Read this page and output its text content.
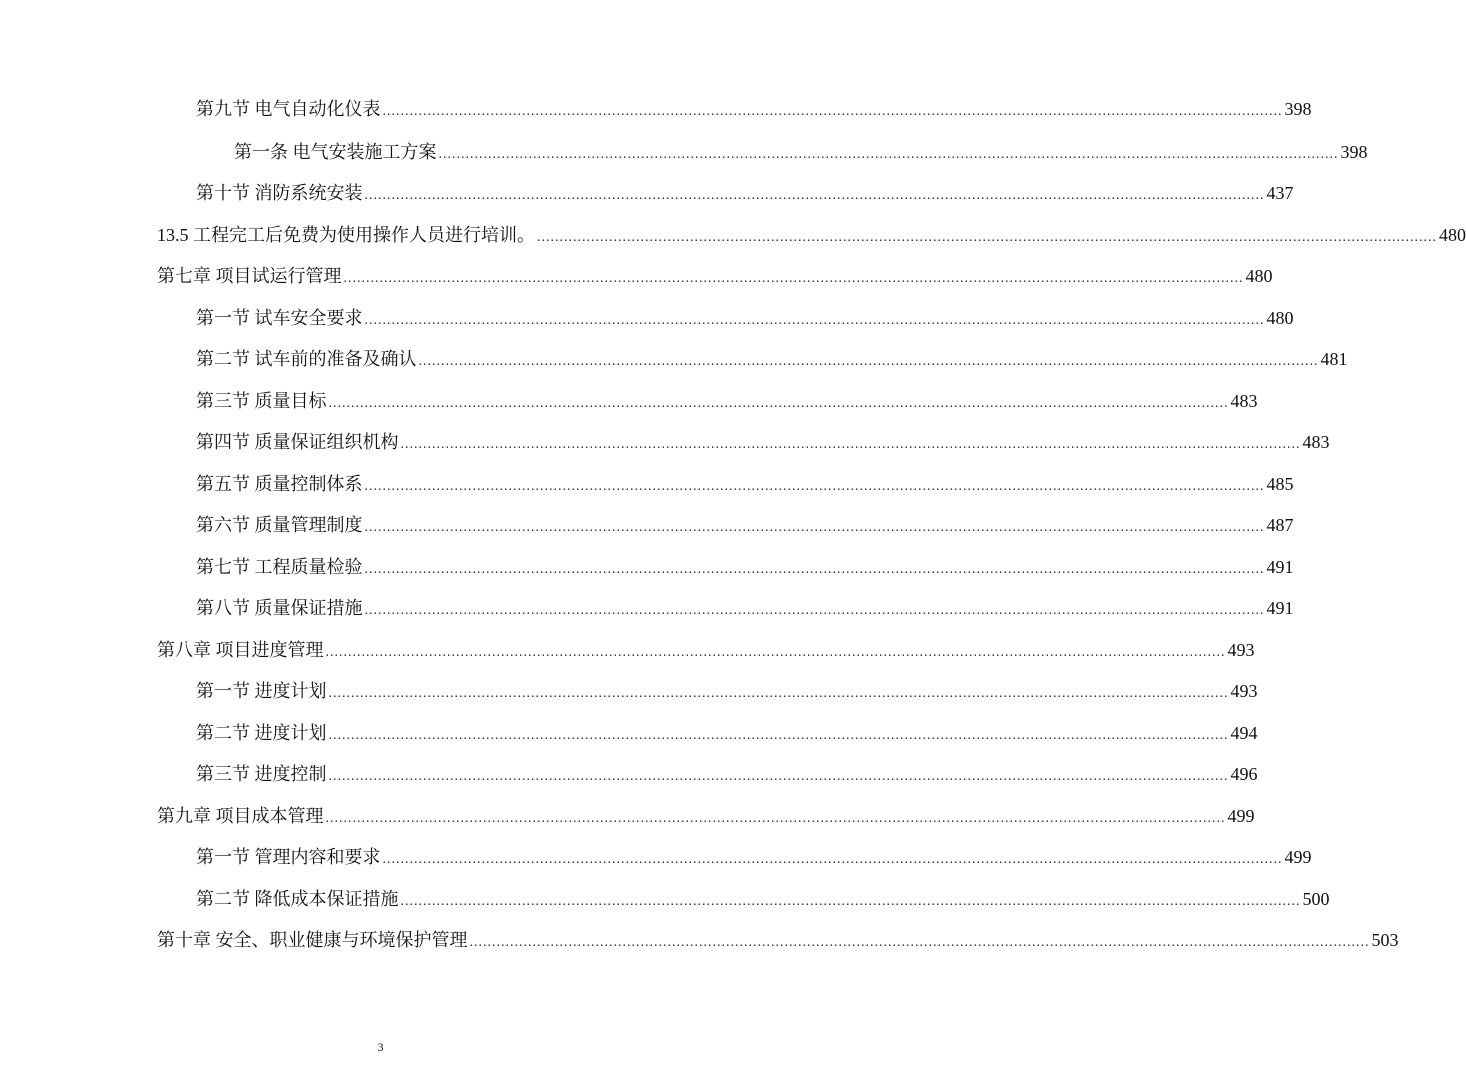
第九节 电气自动化仪表 ........................................................................................................................................................................................................ 398
第一条 电气安装施工方案 ........................................................................................................................................................................................................ 398
第十节 消防系统安装 ........................................................................................................................................................................................................ 437
13.5 工程完工后免费为使用操作人员进行培训。 ........................................................................................................................................................................................................ 480
第七章 项目试运行管理 ........................................................................................................................................................................................................ 480
第一节 试车安全要求 ........................................................................................................................................................................................................ 480
第二节 试车前的准备及确认 ........................................................................................................................................................................................................ 481
第三节 质量目标 ........................................................................................................................................................................................................ 483
第四节 质量保证组织机构 ........................................................................................................................................................................................................ 483
第五节 质量控制体系 ........................................................................................................................................................................................................ 485
第六节 质量管理制度 ........................................................................................................................................................................................................ 487
第七节 工程质量检验 ........................................................................................................................................................................................................ 491
第八节 质量保证措施 ........................................................................................................................................................................................................ 491
第八章 项目进度管理 ........................................................................................................................................................................................................ 493
第一节 进度计划 ........................................................................................................................................................................................................ 493
第二节 进度计划 ........................................................................................................................................................................................................ 494
第三节 进度控制 ........................................................................................................................................................................................................ 496
第九章 项目成本管理 ........................................................................................................................................................................................................ 499
第一节 管理内容和要求 ........................................................................................................................................................................................................ 499
第二节 降低成本保证措施 ........................................................................................................................................................................................................ 500
第十章 安全、职业健康与环境保护管理 ........................................................................................................................................................................................................ 503
3
